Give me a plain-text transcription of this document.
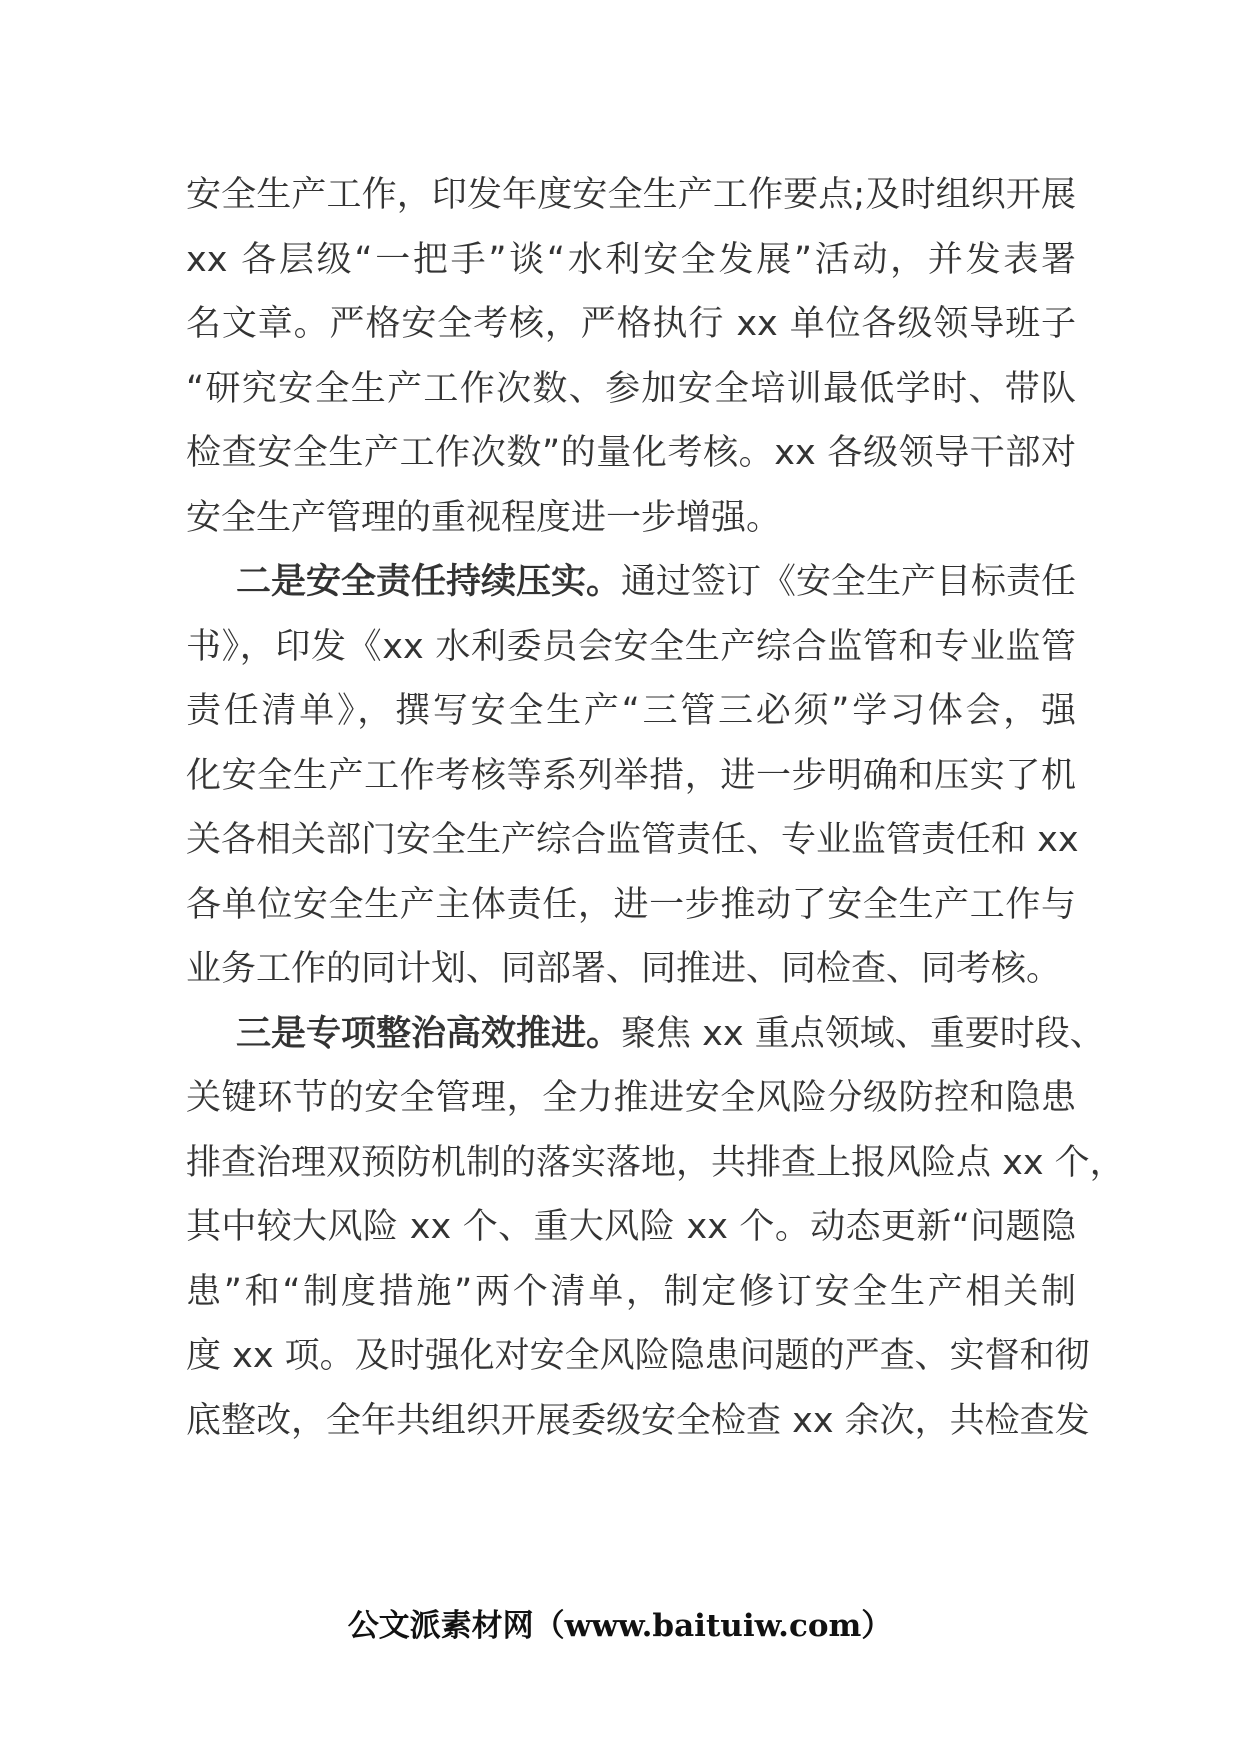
安全生产工作，印发年度安全生产工作要点;及时组织开展
xx 各层级“一把手”谈“水利安全发展”活动，并发表署
名文章。严格安全考核，严格执行 xx 单位各级领导班子
“研究安全生产工作次数、参加安全培训最低学时、带队
检查安全生产工作次数”的量化考核。xx 各级领导干部对
安全生产管理的重视程度进一步增强。
二是安全责任持续压实。通过签订《安全生产目标责任
书》，印发《xx 水利委员会安全生产综合监管和专业监管
责任清单》，撰写安全生产“三管三必须”学习体会，强
化安全生产工作考核等系列举措，进一步明确和压实了机
关各相关部门安全生产综合监管责任、专业监管责任和 xx
各单位安全生产主体责任，进一步推动了安全生产工作与
业务工作的同计划、同部署、同推进、同检查、同考核。
三是专项整治高效推进。聚焦 xx 重点领域、重要时段、
关键环节的安全管理，全力推进安全风险分级防控和隐患
排查治理双预防机制的落实落地，共排查上报风险点 xx 个，
其中较大风险 xx 个、重大风险 xx 个。动态更新“问题隐
患”和“制度措施”两个清单，制定修订安全生产相关制
度 xx 项。及时强化对安全风险隐患问题的严查、实督和彻
底整改，全年共组织开展委级安全检查 xx 余次，共检查发
公文派素材网（www.baituiw.com）
